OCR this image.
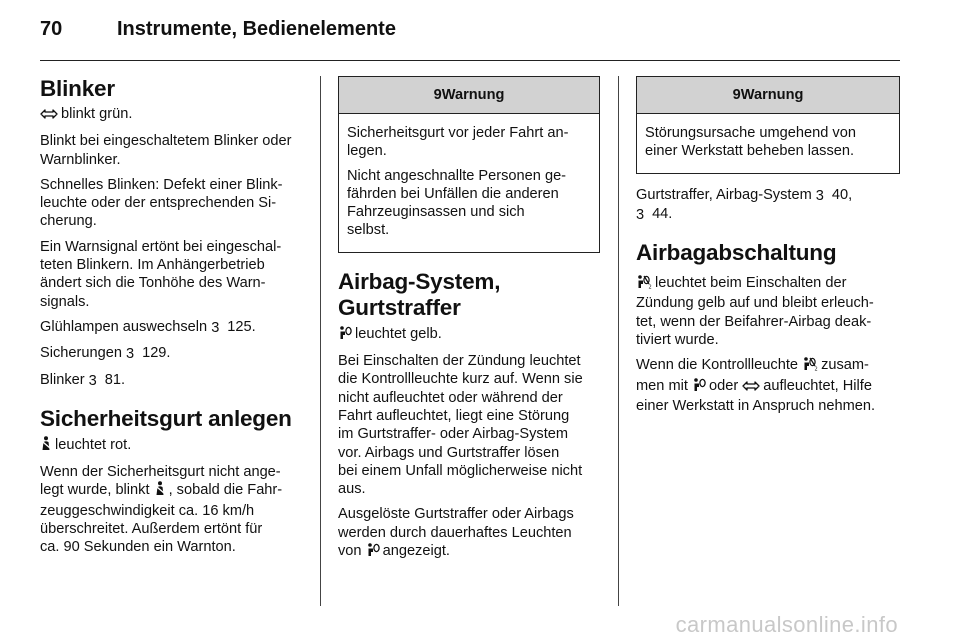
70	Instrumente, Bedienelemente
Blinker

blinkt grün.

Blinkt bei eingeschaltetem Blinker oder Warnblinker.

Schnelles Blinken: Defekt einer Blink-
leuchte oder der entsprechenden Si-
cherung.

Ein Warnsignal ertönt bei eingeschal-
teten Blinkern. Im Anhängerbetrieb
ändert sich die Tonhöhe des Warn-
signals.

Glühlampen auswechseln 3 125.

Sicherungen 3 129.

Blinker 3 81.

Sicherheitsgurt anlegen

leuchtet rot.

Wenn der Sicherheitsgurt nicht ange-
legt wurde, blinkt , sobald die Fahr-
zeuggeschwindigkeit ca. 16 km/h
überschreitet. Außerdem ertönt für
ca. 90 Sekunden ein Warnton.

9Warnung

Sicherheitsgurt vor jeder Fahrt an-
legen.

Nicht angeschnallte Personen ge-
fährden bei Unfällen die anderen
Fahrzeuginsassen und sich
selbst.

Airbag-System,
Gurtstraffer

leuchtet gelb.

Bei Einschalten der Zündung leuchtet
die Kontrollleuchte kurz auf. Wenn sie
nicht aufleuchtet oder während der
Fahrt aufleuchtet, liegt eine Störung
im Gurtstraffer- oder Airbag-System
vor. Airbags und Gurtstraffer lösen
bei einem Unfall möglicherweise nicht
aus.

Ausgelöste Gurtstraffer oder Airbags
werden durch dauerhaftes Leuchten
von angezeigt.

9Warnung

Störungsursache umgehend von
einer Werkstatt beheben lassen.

Gurtstraffer, Airbag-System 3 40,
3 44.

Airbagabschaltung

2 leuchtet beim Einschalten der
Zündung gelb auf und bleibt erleuch-
tet, wenn der Beifahrer-Airbag deak-
tiviert wurde.

Wenn die Kontrollleuchte	2 zusam-
men mit oder aufleuchtet, Hilfe
einer Werkstatt in Anspruch nehmen.

carmanualsonline.info
